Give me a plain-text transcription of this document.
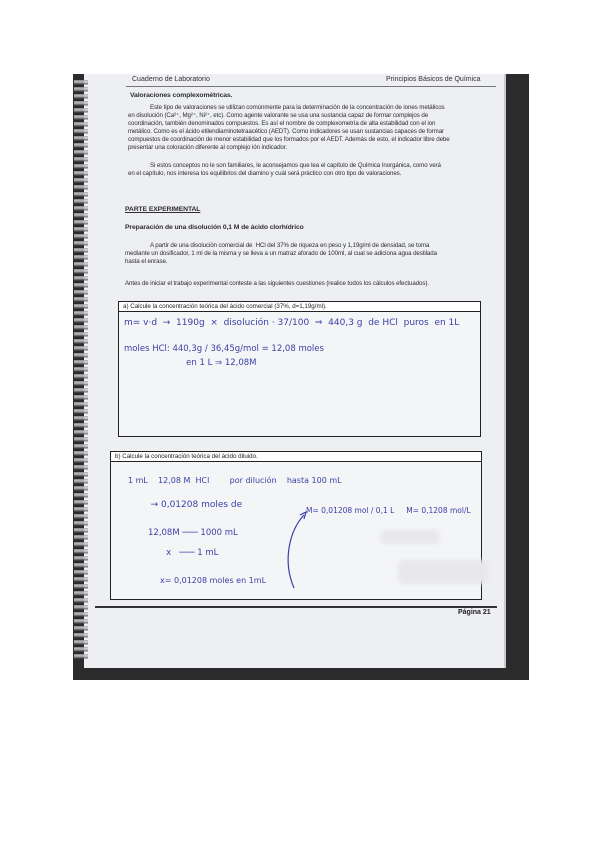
Cuaderno de Laboratorio	Principios Básicos de Química
Valoraciones complexométricas.
Este tipo de valoraciones se utilizan comúnmente para la determinación de la concentración de iones metálicos
en disolución (Ca²⁺, Mg²⁺, Ni²⁺, etc). Como agente valorante se usa una sustancia capaz de formar complejos de
coordinación, también denominados compuestos. Es así el nombre de complexometría de alta estabilidad con el ion
metálico. Como es el ácido etilendiaminotetraacético (AEDT). Como indicadores se usan sustancias capaces de formar
compuestos de coordinación de menor estabilidad que los formados por el AEDT. Además de esto, el indicador libre debe
presentar una coloración diferente al complejo ión indicador.
Si estos conceptos no le son familiares, le aconsejamos que lea el capítulo de Química Inorgánica, como verá
en el capítulo, nos interesa los equilibrios del diamino y cuál será práctico con otro tipo de valoraciones.
PARTE EXPERIMENTAL
Preparación de una disolución 0,1 M de ácido clorhídrico
A partir de una disolución comercial de  HCl del 37% de riqueza en peso y 1,19g/ml de densidad, se toma
mediante un dosificador, 1 ml de la misma y se lleva a un matraz aforado de 100ml, al cual se adiciona agua destilada
hasta el enrase.
Antes de iniciar el trabajo experimental conteste a las siguientes cuestiones (realice todos los cálculos efectuados).
a) Calcule la concentración teórica del ácido comercial (37%, d=1,19g/ml).
m= v·d  →  1190g  ×  disolución · 37/100  ⇒  440,3 g  de HCl  puros  en 1L
moles HCl: 440,3g / 36,45g/mol = 12,08 moles
en 1 L ⇒ 12,08M
b) Calcule la concentración teórica del ácido diluido.
1 mL    12,08 M  HCl        por dilución    hasta 100 mL
→ 0,01208 moles de
12,08M ─── 1000 mL
x   ─── 1 mL
x= 0,01208 moles en 1mL
M= 0,01208 mol / 0,1 L     M= 0,1208 mol/L
Página 21
